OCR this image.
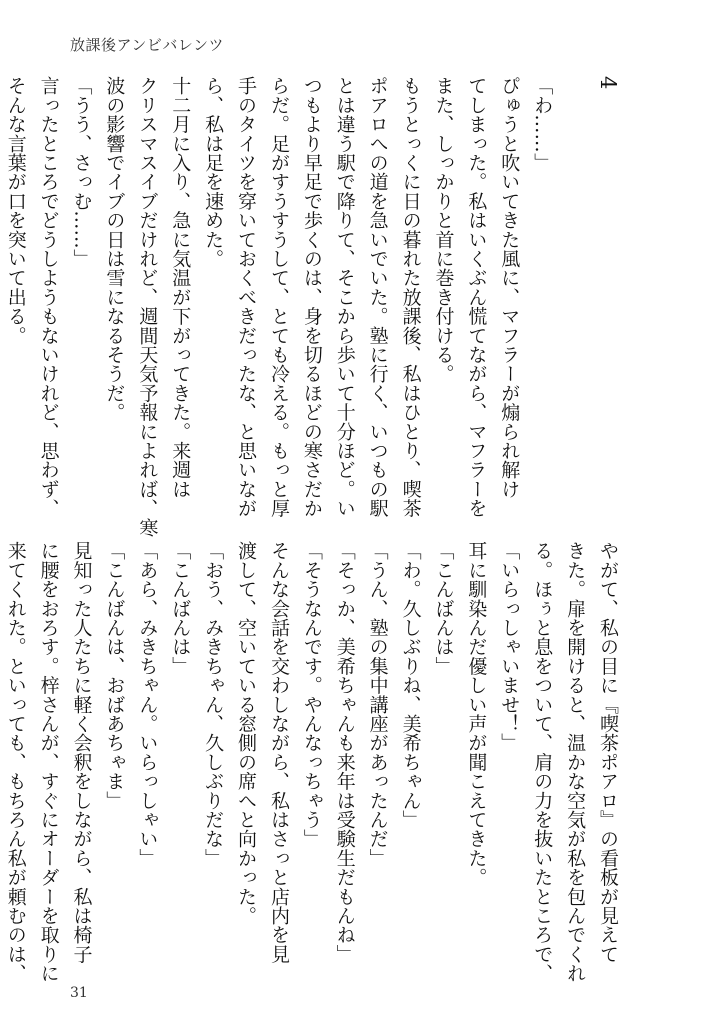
放課後アンビバレンツ

4

「わ……」

ぴゅうと吹いてきた風に、マフラーが煽られ解け

てしまった。私はいくぶん慌てながら、マフラーを

また、しっかりと首に巻き付ける。

もうとっくに日の暮れた放課後、私はひとり、喫茶

ポアロへの道を急いでいた。塾に行く、いつもの駅

とは違う駅で降りて、そこから歩いて十分ほど。い

つもより早足で歩くのは、身を切るほどの寒さだか

らだ。足がすうすうして、とても冷える。もっと厚

手のタイツを穿いておくべきだったな、と思いなが

ら、私は足を速めた。

十二月に入り、急に気温が下がってきた。来週は

クリスマスイブだけれど、週間天気予報によれば、寒

波の影響でイブの日は雪になるそうだ。

「うう、さっむ……」

言ったところでどうしようもないけれど、思わず、

そんな言葉が口を突いて出る。

やがて、私の目に『喫茶ポアロ』の看板が見えて

きた。扉を開けると、温かな空気が私を包んでくれ

る。ほぅと息をついて、肩の力を抜いたところで、

「いらっしゃいませ！」

耳に馴染んだ優しい声が聞こえてきた。

「こんばんは」

「わ。久しぶりね、美希ちゃん」

「うん、塾の集中講座があったんだ」

「そっか、美希ちゃんも来年は受験生だもんね」

「そうなんです。やんなっちゃう」

そんな会話を交わしながら、私はさっと店内を見

渡して、空いている窓側の席へと向かった。

「おう、みきちゃん、久しぶりだな」

「こんばんは」

「あら、みきちゃん。いらっしゃい」

「こんばんは、おばあちゃま」

見知った人たちに軽く会釈をしながら、私は椅子

に腰をおろす。梓さんが、すぐにオーダーを取りに

来てくれた。といっても、もちろん私が頼むのは、

31
